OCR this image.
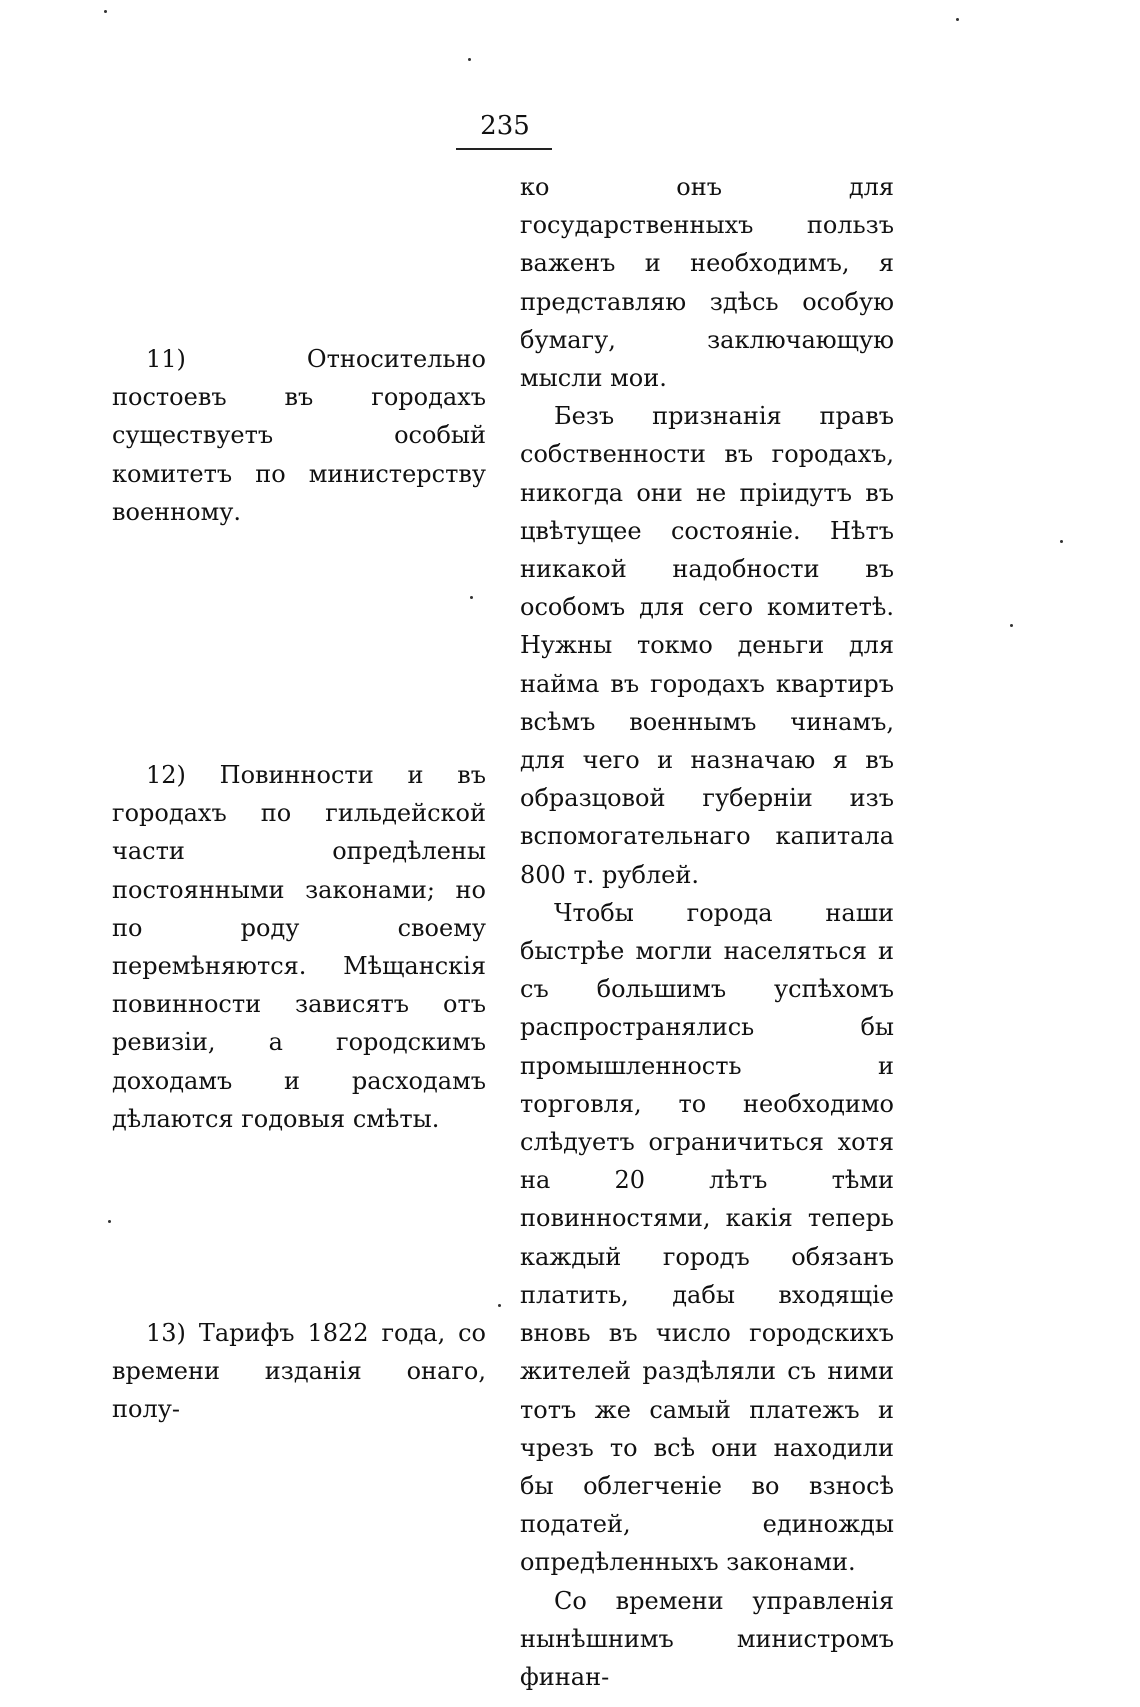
235

11) Относительно постоевъ въ городахъ существуетъ особый комитетъ по министерству военному.

12) Повинности и въ городахъ по гильдейской части опредѣлены постоянными законами; но по роду своему перемѣняются. Мѣщанскія повинности зависятъ отъ ревизіи, а городскимъ доходамъ и расходамъ дѣлаются годовыя смѣты.

13) Тарифъ 1822 года, со времени изданія онаго, полу-

ко онъ для государственныхъ пользъ важенъ и необходимъ, я представляю здѣсь особую бумагу, заключающую мысли мои.

Безъ признанія правъ собственности въ городахъ, никогда они не пріидутъ въ цвѣтущее состояніе. Нѣтъ никакой надобности въ особомъ для сего комитетѣ. Нужны токмо деньги для найма въ городахъ квартиръ всѣмъ военнымъ чинамъ, для чего и назначаю я въ образцовой губерніи изъ вспомогательнаго капитала 800 т. рублей.

Чтобы города наши быстрѣе могли населяться и съ большимъ успѣхомъ распространялись бы промышленность и торговля, то необходимо слѣдуетъ ограничиться хотя на 20 лѣтъ тѣми повинностями, какія теперь каждый городъ обязанъ платить, дабы входящіе вновь въ число городскихъ жителей раздѣляли съ ними тотъ же самый платежъ и чрезъ то всѣ они находили бы облегченіе во взносѣ податей, единожды опредѣленныхъ законами.

Со времени управленія нынѣшнимъ министромъ финан-
